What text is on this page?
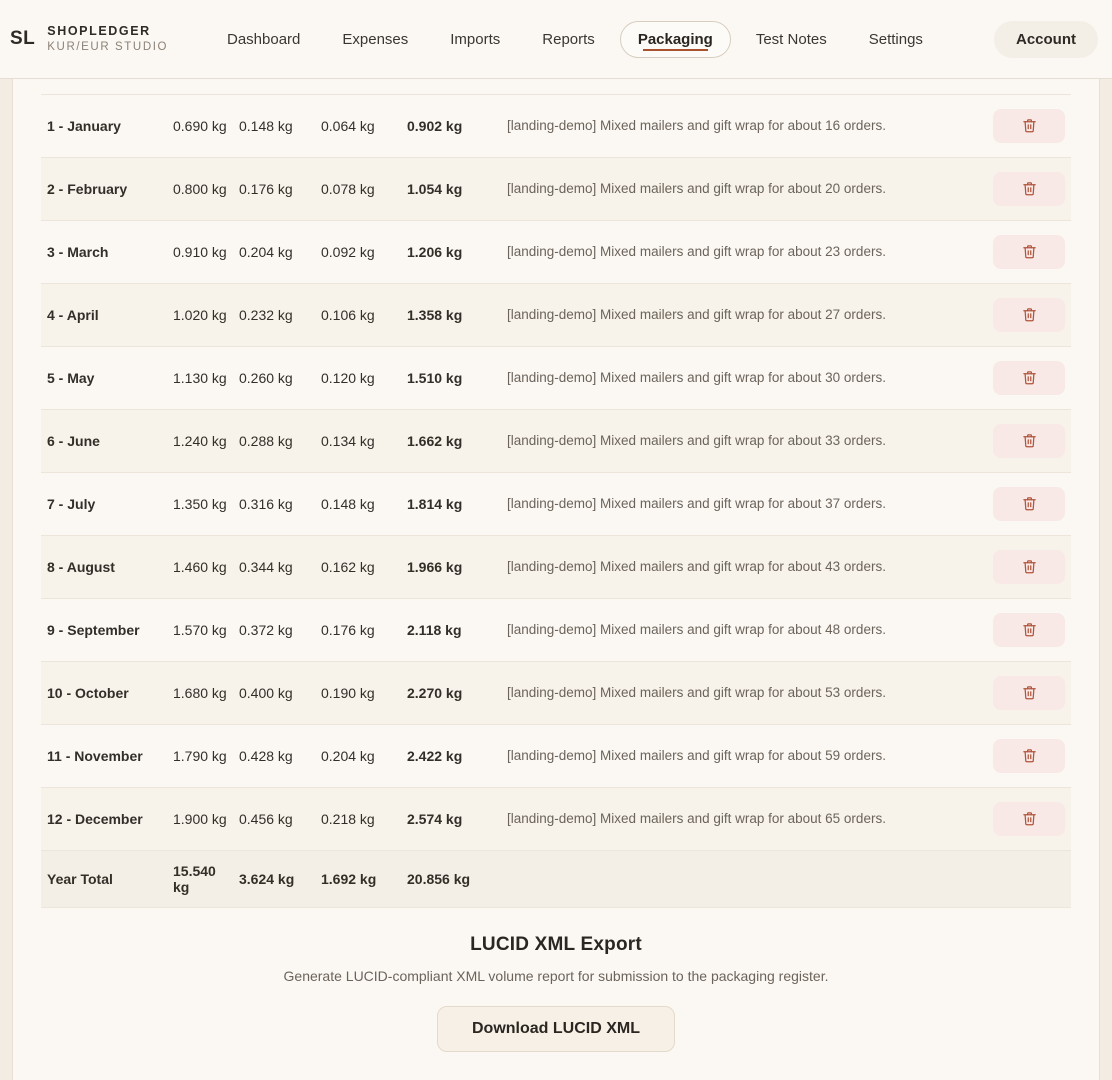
SL SHOPLEDGER
KUR/EUR STUDIO	Dashboard	Expenses	Imports	Reports	Packaging	Test Notes	Settings	Account

1 - January	0.690 kg	0.148 kg	0.064 kg	0.902 kg	[landing-demo] Mixed mailers and gift wrap for about 16 orders.	

2 - February	0.800 kg	0.176 kg	0.078 kg	1.054 kg	[landing-demo] Mixed mailers and gift wrap for about 20 orders.	

3 - March	0.910 kg	0.204 kg	0.092 kg	1.206 kg	[landing-demo] Mixed mailers and gift wrap for about 23 orders.	

4 - April	1.020 kg	0.232 kg	0.106 kg	1.358 kg	[landing-demo] Mixed mailers and gift wrap for about 27 orders.	

5 - May	1.130 kg	0.260 kg	0.120 kg	1.510 kg	[landing-demo] Mixed mailers and gift wrap for about 30 orders.	

6 - June	1.240 kg	0.288 kg	0.134 kg	1.662 kg	[landing-demo] Mixed mailers and gift wrap for about 33 orders.	

7 - July	1.350 kg	0.316 kg	0.148 kg	1.814 kg	[landing-demo] Mixed mailers and gift wrap for about 37 orders.	

8 - August	1.460 kg	0.344 kg	0.162 kg	1.966 kg	[landing-demo] Mixed mailers and gift wrap for about 43 orders.	

9 - September	1.570 kg	0.372 kg	0.176 kg	2.118 kg	[landing-demo] Mixed mailers and gift wrap for about 48 orders.	

10 - October	1.680 kg	0.400 kg	0.190 kg	2.270 kg	[landing-demo] Mixed mailers and gift wrap for about 53 orders.	

11 - November	1.790 kg	0.428 kg	0.204 kg	2.422 kg	[landing-demo] Mixed mailers and gift wrap for about 59 orders.	

12 - December	1.900 kg	0.456 kg	0.218 kg	2.574 kg	[landing-demo] Mixed mailers and gift wrap for about 65 orders.	

Year Total	15.540 kg	3.624 kg	1.692 kg	20.856 kg		
LUCID XML Export
Generate LUCID-compliant XML volume report for submission to the packaging register.
Download LUCID XML
